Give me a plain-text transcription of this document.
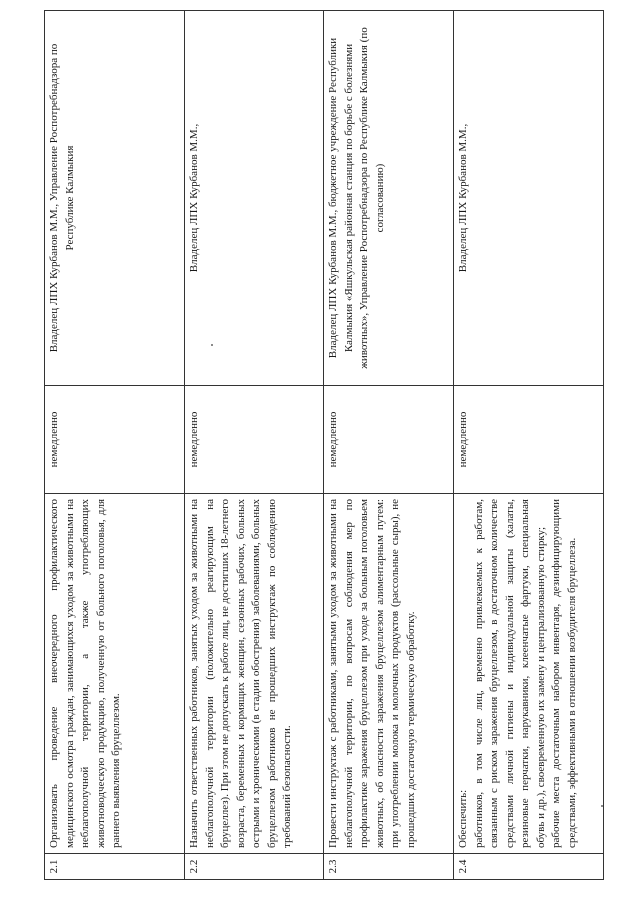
2.1	Организовать проведение внеочередного профилактического медицинского осмотра граждан, занимающихся уходом за животными на неблагополучной территории, а также употребляющих животноводческую продукцию, полученную от больного поголовья, для раннего выявления бруцеллезом.	немедленно	Владелец ЛПХ Курбанов М.М., Управление Роспотребнадзора по Республике Калмыкия
2.2	Назначить ответственных работников, занятых уходом за животными на неблагополучной территории (положительно реагирующим на бруцеллез). При этом не допускать к работе лиц, не достигших 18-летнего возраста, беременных и кормящих женщин, сезонных рабочих, больных острыми и хроническими (в стадии обострения) заболеваниями, больных бруцеллезом работников не прошедших инструктаж по соблюдению требований безопасности.	немедленно	Владелец ЛПХ Курбанов М.М.,
2.3	Провести инструктаж с работниками, занятыми уходом за животными на неблагополучной территории, по вопросам соблюдения мер по профилактике заражения бруцеллезом при уходе за больным поголовьем животных, об опасности заражения бруцеллезом алиментарным путем: при употреблении молока и молочных продуктов (рассольные сыры), не прошедших достаточную термическую обработку.	немедленно	Владелец ЛПХ Курбанов М.М., бюджетное учреждение Республики Калмыкия «Яшкульская районная станция по борьбе с болезнями животных», Управление Роспотребнадзора по Республике Калмыкия (по согласованию)
2.4	Обеспечить: работников, в том числе лиц, временно привлекаемых к работам, связанным с риском заражения бруцеллезом, в достаточном количестве средствами личной гигиены и индивидуальной защиты (халаты, резиновые перчатки, нарукавники, клеенчатые фартуки, специальная обувь и др.), своевременную их замену и централизованную стирку; рабочие места достаточным набором инвентаря, дезинфицирующими средствами, эффективными в отношении возбудителя бруцеллеза.	немедленно	Владелец ЛПХ Курбанов М.М.,
